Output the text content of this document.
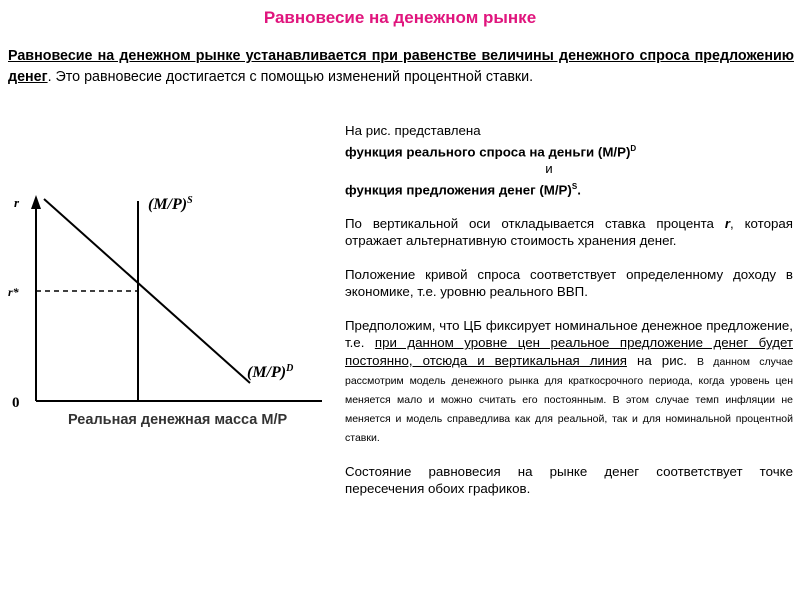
Равновесие на денежном рынке
Равновесие на денежном рынке устанавливается при равенстве величины денежного спроса предложению денег. Это равновесие достигается с помощью изменений процентной ставки.
r
r*
0
$(M/P)^S$
$(M/P)^D$
Реальная денежная масса M/P

На рис. представлена

функция реального спроса на деньги $(M/P)^D$

и

функция предложения денег $(M/P)^S$.

По вертикальной оси откладывается ставка процента r, которая отражает альтернативную стоимость хранения денег.

Положение кривой спроса соответствует определенному доходу в экономике, т.е. уровню реального ВВП.

Предположим, что ЦБ фиксирует номинальное денежное предложение, т.е. при данном уровне цен реальное предложение денег будет постоянно, отсюда и вертикальная линия на рис. В данном случае рассмотрим модель денежного рынка для краткосрочного периода, когда уровень цен меняется мало и можно считать его постоянным. В этом случае темп инфляции не меняется и модель справедлива как для реальной, так и для номинальной процентной ставки.

Состояние равновесия на рынке денег соответствует точке пересечения обоих графиков.
